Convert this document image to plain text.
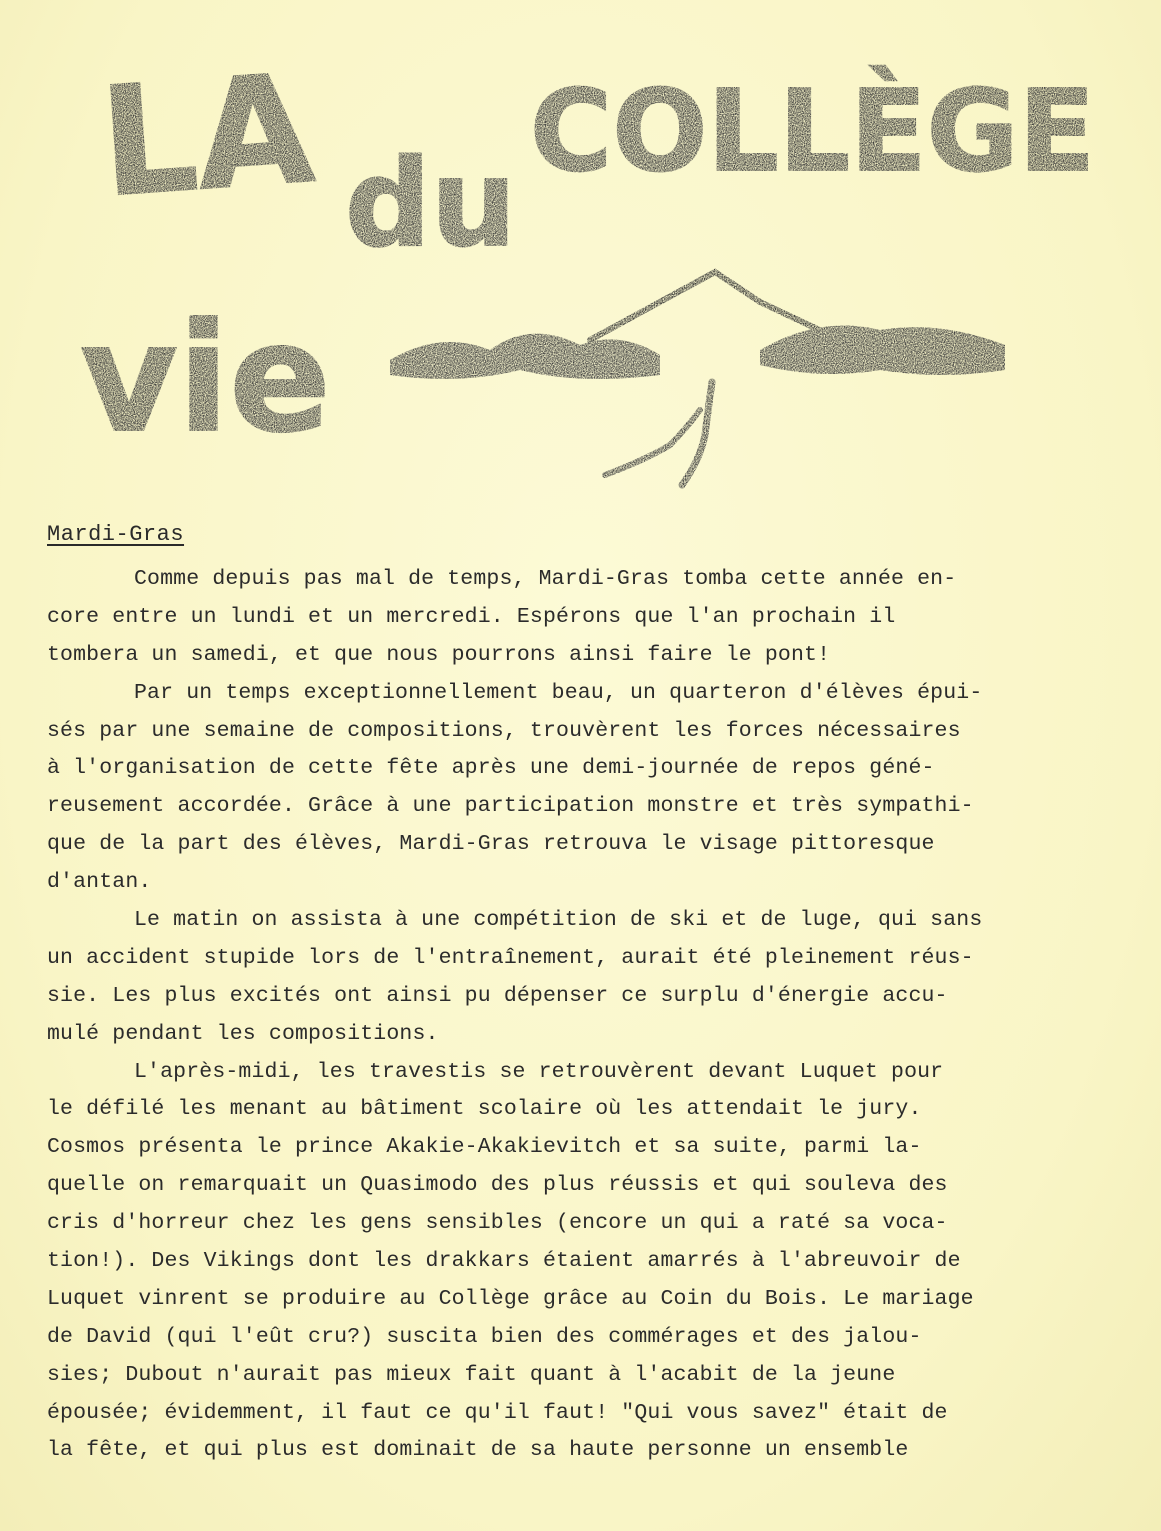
LA
vie
du
COLLÈGE
Mardi-Gras
Comme depuis pas mal de temps, Mardi-Gras tomba cette année en-
core entre un lundi et un mercredi. Espérons que l'an prochain il
tombera un samedi, et que nous pourrons ainsi faire le pont!
Par un temps exceptionnellement beau, un quarteron d'élèves épui-
sés par une semaine de compositions, trouvèrent les forces nécessaires
à l'organisation de cette fête après une demi-journée de repos géné-
reusement accordée. Grâce à une participation monstre et très sympathi-
que de la part des élèves, Mardi-Gras retrouva le visage pittoresque
d'antan.
Le matin on assista à une compétition de ski et de luge, qui sans
un accident stupide lors de l'entraînement, aurait été pleinement réus-
sie. Les plus excités ont ainsi pu dépenser ce surplu d'énergie accu-
mulé pendant les compositions.
L'après-midi, les travestis se retrouvèrent devant Luquet pour
le défilé les menant au bâtiment scolaire où les attendait le jury.
Cosmos présenta le prince Akakie-Akakievitch et sa suite, parmi la-
quelle on remarquait un Quasimodo des plus réussis et qui souleva des
cris d'horreur chez les gens sensibles (encore un qui a raté sa voca-
tion!). Des Vikings dont les drakkars étaient amarrés à l'abreuvoir de
Luquet vinrent se produire au Collège grâce au Coin du Bois. Le mariage
de David (qui l'eût cru?) suscita bien des commérages et des jalou-
sies; Dubout n'aurait pas mieux fait quant à l'acabit de la jeune
épousée; évidemment, il faut ce qu'il faut! "Qui vous savez" était de
la fête, et qui plus est dominait de sa haute personne un ensemble
